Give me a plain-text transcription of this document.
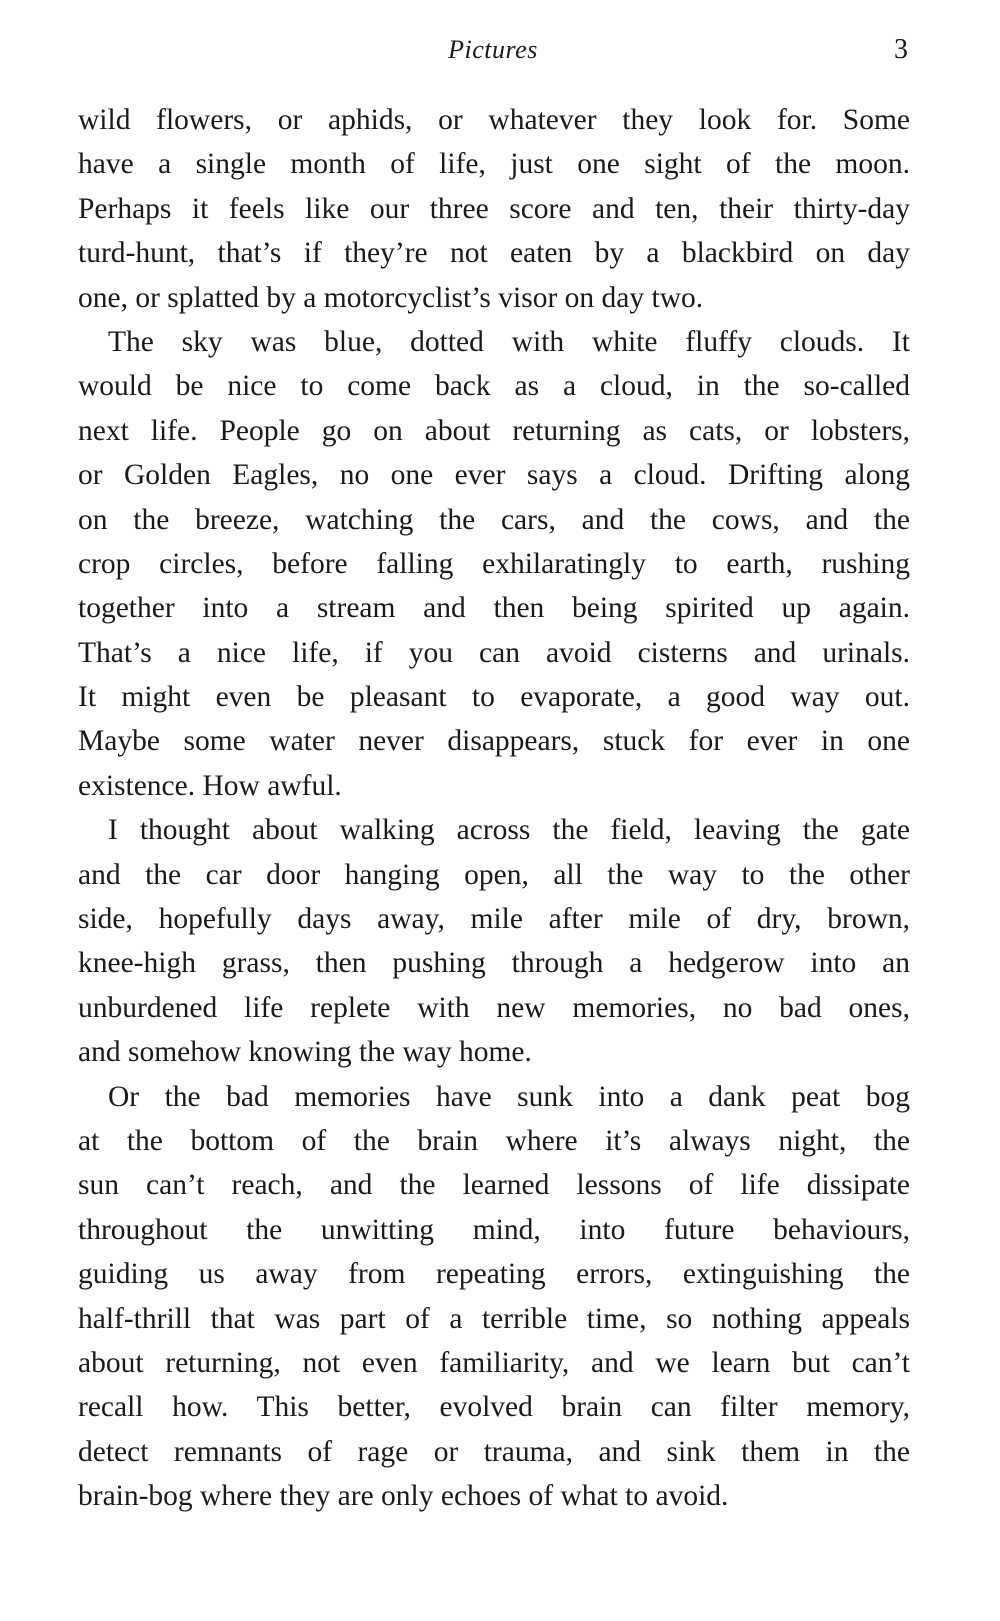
Pictures	3
wild flowers, or aphids, or whatever they look for. Some
have a single month of life, just one sight of the moon.
Perhaps it feels like our three score and ten, their thirty-day
turd-hunt, that’s if they’re not eaten by a blackbird on day
one, or splatted by a motorcyclist’s visor on day two.
The sky was blue, dotted with white fluffy clouds. It
would be nice to come back as a cloud, in the so-called
next life. People go on about returning as cats, or lobsters,
or Golden Eagles, no one ever says a cloud. Drifting along
on the breeze, watching the cars, and the cows, and the
crop circles, before falling exhilaratingly to earth, rushing
together into a stream and then being spirited up again.
That’s a nice life, if you can avoid cisterns and urinals.
It might even be pleasant to evaporate, a good way out.
Maybe some water never disappears, stuck for ever in one
existence. How awful.
I thought about walking across the field, leaving the gate
and the car door hanging open, all the way to the other
side, hopefully days away, mile after mile of dry, brown,
knee-high grass, then pushing through a hedgerow into an
unburdened life replete with new memories, no bad ones,
and somehow knowing the way home.
Or the bad memories have sunk into a dank peat bog
at the bottom of the brain where it’s always night, the
sun can’t reach, and the learned lessons of life dissipate
throughout the unwitting mind, into future behaviours,
guiding us away from repeating errors, extinguishing the
half-thrill that was part of a terrible time, so nothing appeals
about returning, not even familiarity, and we learn but can’t
recall how. This better, evolved brain can filter memory,
detect remnants of rage or trauma, and sink them in the
brain-bog where they are only echoes of what to avoid.
